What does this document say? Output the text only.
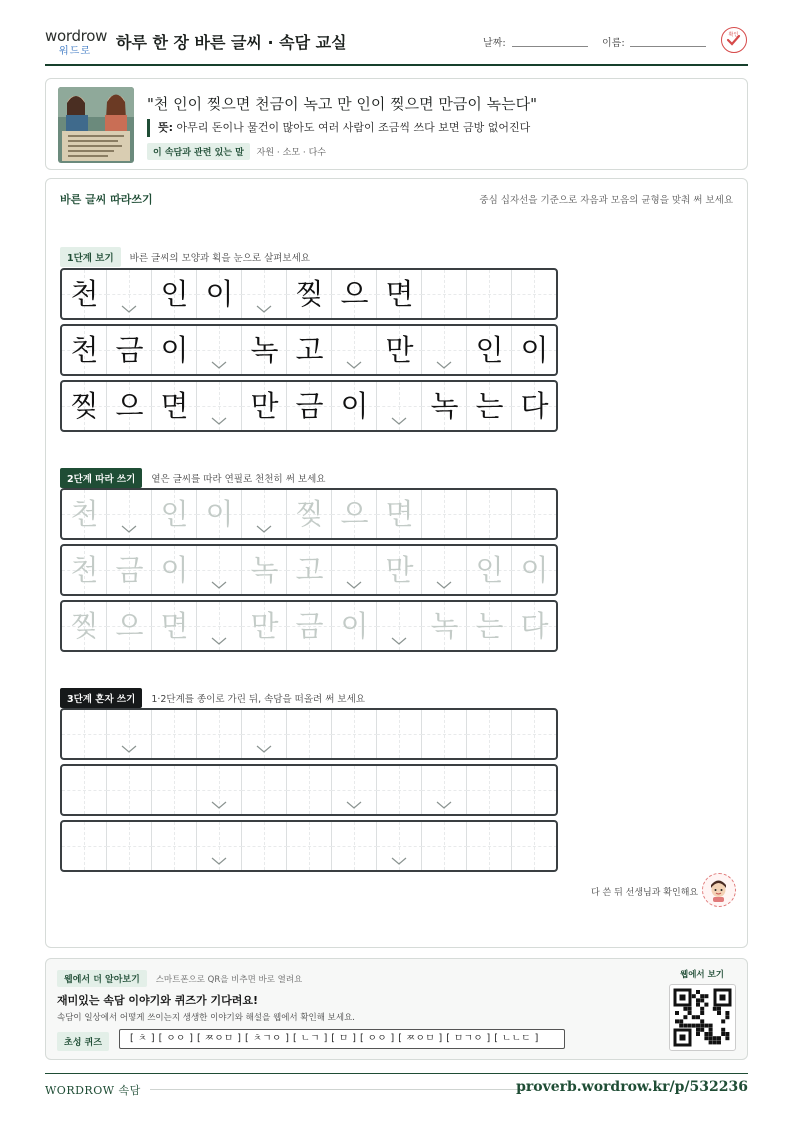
wordrow
워드로 하루 한 장 바른 글씨 · 속담 교실	날짜:	이름:
확인
"천 인이 찢으면 천금이 녹고 만 인이 찢으면 만금이 녹는다"
뜻: 아무리 돈이나 물건이 많아도 여러 사람이 조금씩 쓰다 보면 금방 없어진다
이 속담과 관련 있는 말 자원 · 소모 · 다수
바른 글씨 따라쓰기	중심 십자선을 기준으로 자음과 모음의 균형을 맞춰 써 보세요
1단계 보기 바른 글씨의 모양과 획을 눈으로 살펴보세요
2단계 따라 쓰기 옅은 글씨를 따라 연필로 천천히 써 보세요
3단계 혼자 쓰기 1·2단계를 종이로 가린 뒤, 속담을 떠올려 써 보세요
다 쓴 뒤 선생님과 확인해요
천 인 이 찢 으 면
천 금 이 녹 고 만 인 이
찢 으 면 만 금 이 녹 는 다
천 인 이 찢 으 면
천 금 이 녹 고 만 인 이
찢 으 면 만 금 이 녹 는 다
웹에서 더 알아보기 스마트폰으로 QR을 비추면 바로 열려요
재미있는 속담 이야기와 퀴즈가 기다려요!
속담이 일상에서 어떻게 쓰이는지 생생한 이야기와 해설을 웹에서 확인해 보세요.
초성 퀴즈	[ ㅊ ] [ ㅇㅇ ] [ ㅉㅇㅁ ] [ ㅊㄱㅇ ] [ ㄴㄱ ] [ ㅁ ] [ ㅇㅇ ] [ ㅉㅇㅁ ] [ ㅁㄱㅇ ] [ ㄴㄴㄷ ]
웹에서 보기
WORDROW 속담	proverb.wordrow.kr/p/532236
